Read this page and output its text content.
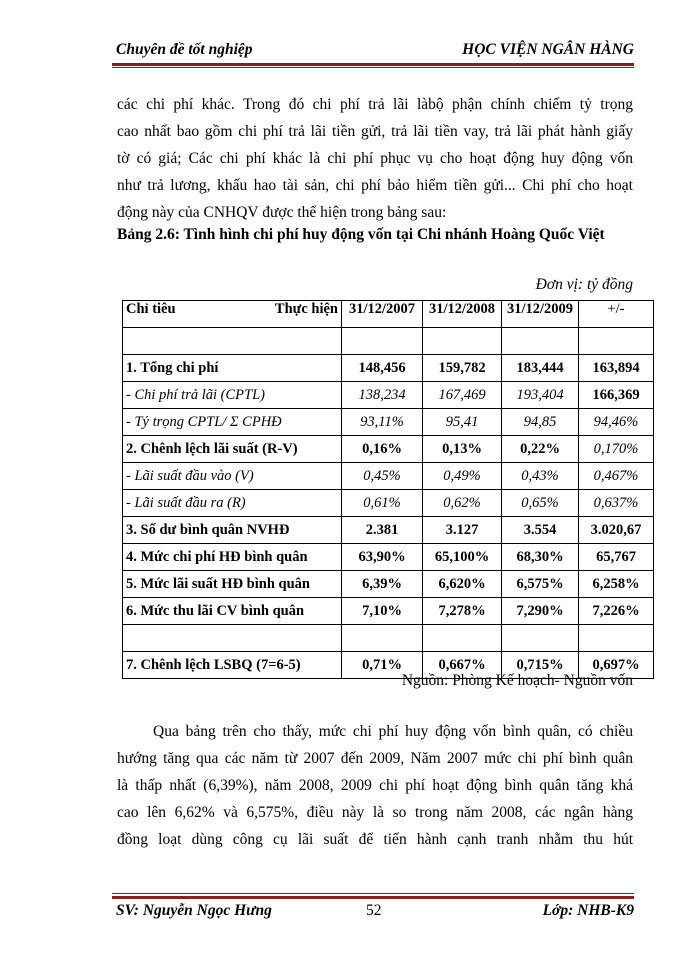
Chuyên đề tốt nghiệp	HỌC VIỆN NGÂN HÀNG
các chi phí khác. Trong đó chi phí trả lãi làbộ phận chính chiếm tỷ trọng
cao nhất bao gồm chi phí trả lãi tiền gửi, trả lãi tiền vay, trả lãi phát hành giấy
tờ có giá; Các chi phí khác là chi phí phục vụ cho hoạt động huy động vốn
như trả lương, khấu hao tài sản, chi phí bảo hiểm tiền gửi... Chi phí cho hoạt
động này của CNHQV được thể hiện trong bảng sau:
Bảng 2.6: Tình hình chi phí huy động vốn tại Chi nhánh Hoàng Quốc Việt
Đơn vị: tỷ đồng
Chỉ tiêu Thực hiện	31/12/2007	31/12/2008	31/12/2009	+/-

1. Tổng chi phí	148,456	159,782	183,444	163,894
- Chi phí trả lãi (CPTL)	138,234	167,469	193,404	166,369
- Tỷ trọng CPTL/ Σ CPHĐ	93,11%	95,41	94,85	94,46%
2. Chênh lệch lãi suất (R-V)	0,16%	0,13%	0,22%	0,170%
- Lãi suất đầu vào (V)	0,45%	0,49%	0,43%	0,467%
- Lãi suất đầu ra (R)	0,61%	0,62%	0,65%	0,637%
3. Số dư bình quân NVHĐ	2.381	3.127	3.554	3.020,67
4. Mức chi phí HĐ bình quân	63,90%	65,100%	68,30%	65,767
5. Mức lãi suất HĐ bình quân	6,39%	6,620%	6,575%	6,258%
6. Mức thu lãi CV bình quân	7,10%	7,278%	7,290%	7,226%

7. Chênh lệch LSBQ (7=6-5)	0,71%	0,667%	0,715%	0,697%
Nguồn: Phòng Kế hoạch- Nguồn vốn
Qua bảng trên cho thấy, mức chi phí huy động vốn bình quân, có chiều
hướng tăng qua các năm từ 2007 đến 2009, Năm 2007 mức chi phí bình quân
là thấp nhất (6,39%), năm 2008, 2009 chi phí hoạt động bình quân tăng khá
cao lên 6,62% và 6,575%, điều này là so trong năm 2008, các ngân hàng
đồng loạt dùng công cụ lãi suất để tiến hành cạnh tranh nhằm thu hút
SV: Nguyễn Ngọc Hưng	52	Lớp: NHB-K9
